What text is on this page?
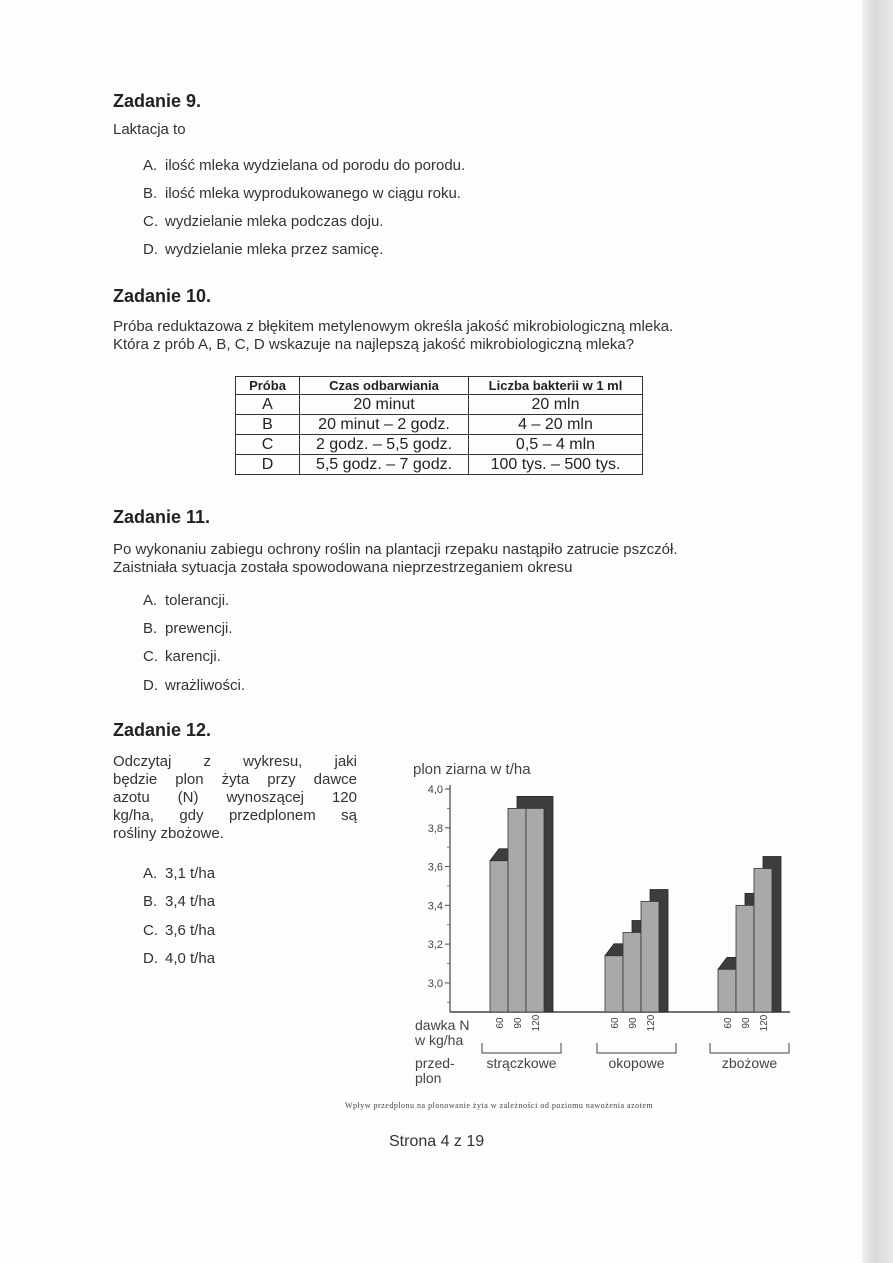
Zadanie 9.
Laktacja to
A. ilość mleka wydzielana od porodu do porodu.
B. ilość mleka wyprodukowanego w ciągu roku.
C. wydzielanie mleka podczas doju.
D. wydzielanie mleka przez samicę.
Zadanie 10.
Próba reduktazowa z błękitem metylenowym określa jakość mikrobiologiczną mleka.
Która z prób A, B, C, D wskazuje na najlepszą jakość mikrobiologiczną mleka?
Próba	Czas odbarwiania	Liczba bakterii w 1 ml
A	20 minut	20 mln
B	20 minut – 2 godz.	4 – 20 mln
C	2 godz. – 5,5 godz.	0,5 – 4 mln
D	5,5 godz. – 7 godz.	100 tys. – 500 tys.
Zadanie 11.
Po wykonaniu zabiegu ochrony roślin na plantacji rzepaku nastąpiło zatrucie pszczół.
Zaistniała sytuacja została spowodowana nieprzestrzeganiem okresu
A. tolerancji.
B. prewencji.
C. karencji.
D. wrażliwości.
Zadanie 12.
Odczytaj z wykresu, jaki
będzie plon żyta przy dawce
azotu (N) wynoszącej 120
kg/ha, gdy przedplonem są
rośliny zbożowe.
A. 3,1 t/ha
B. 3,4 t/ha
C. 3,6 t/ha
D. 4,0 t/ha
plon ziarna w t/ha
4,0
3,8
3,6
3,4
3,2
3,0
60 90 120
strączkowe
60 90 120
okopowe
60 90 120
zbożowe
dawka N
w kg/ha
przed-
plon
Wpływ przedplonu na plonowanie żyta w zależności od poziomu nawożenia azotem
Strona 4 z 19
